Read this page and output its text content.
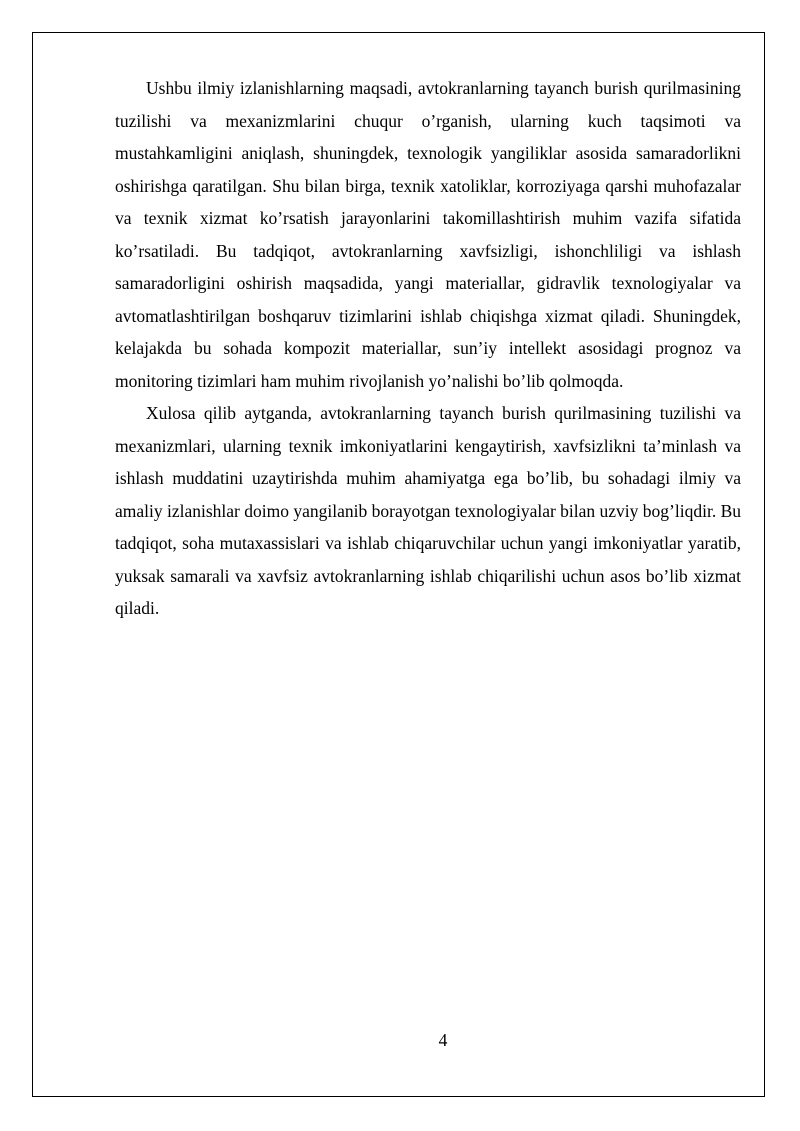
Ushbu ilmiy izlanishlarning maqsadi, avtokranlarning tayanch burish qurilmasining tuzilishi va mexanizmlarini chuqur o’rganish, ularning kuch taqsimoti va mustahkamligini aniqlash, shuningdek, texnologik yangiliklar asosida samaradorlikni oshirishga qaratilgan. Shu bilan birga, texnik xatoliklar, korroziyaga qarshi muhofazalar va texnik xizmat ko’rsatish jarayonlarini takomillashtirish muhim vazifa sifatida ko’rsatiladi. Bu tadqiqot, avtokranlarning xavfsizligi, ishonchliligi va ishlash samaradorligini oshirish maqsadida, yangi materiallar, gidravlik texnologiyalar va avtomatlashtirilgan boshqaruv tizimlarini ishlab chiqishga xizmat qiladi. Shuningdek, kelajakda bu sohada kompozit materiallar, sun’iy intellekt asosidagi prognoz va monitoring tizimlari ham muhim rivojlanish yo’nalishi bo’lib qolmoqda.

Xulosa qilib aytganda, avtokranlarning tayanch burish qurilmasining tuzilishi va mexanizmlari, ularning texnik imkoniyatlarini kengaytirish, xavfsizlikni ta’minlash va ishlash muddatini uzaytirishda muhim ahamiyatga ega bo’lib, bu sohadagi ilmiy va amaliy izlanishlar doimo yangilanib borayotgan texnologiyalar bilan uzviy bog’liqdir. Bu tadqiqot, soha mutaxassislari va ishlab chiqaruvchilar uchun yangi imkoniyatlar yaratib, yuksak samarali va xavfsiz avtokranlarning ishlab chiqarilishi uchun asos bo’lib xizmat qiladi.

4
